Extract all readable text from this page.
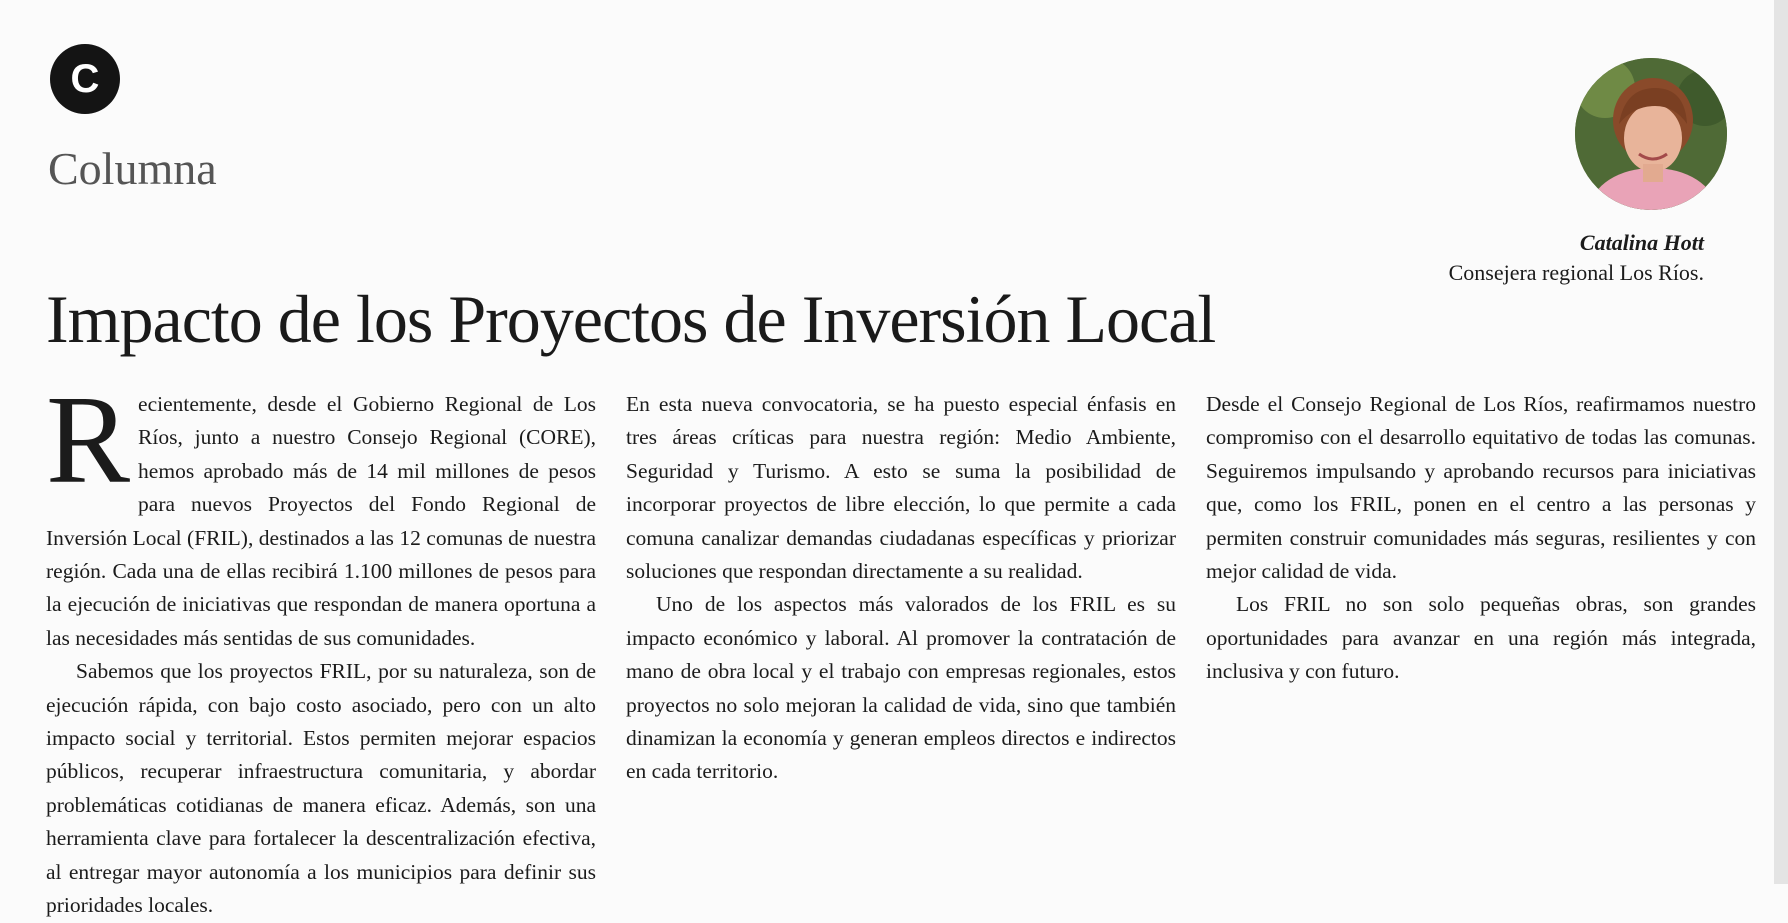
C
Columna
Catalina Hott
Consejera regional Los Ríos.
Impacto de los Proyectos de Inversión Local

Recientemente, desde el Gobierno Regional de Los Ríos, junto a nuestro Consejo Regional (CORE), hemos aprobado más de 14 mil millones de pesos para nuevos Proyectos del Fondo Regional de Inversión Local (FRIL), destinados a las 12 comunas de nuestra región. Cada una de ellas recibirá 1.100 millones de pesos para la ejecución de iniciativas que respondan de manera oportuna a las necesidades más sentidas de sus comunidades.

Sabemos que los proyectos FRIL, por su naturaleza, son de ejecución rápida, con bajo costo asociado, pero con un alto impacto social y territorial. Estos permiten mejorar espacios públicos, recuperar infraestructura comunitaria, y abordar problemáticas cotidianas de manera eficaz. Además, son una herramienta clave para fortalecer la descentralización efectiva, al entregar mayor autonomía a los municipios para definir sus prioridades locales.

En esta nueva convocatoria, se ha puesto especial énfasis en tres áreas críticas para nuestra región: Medio Ambiente, Seguridad y Turismo. A esto se suma la posibilidad de incorporar proyectos de libre elección, lo que permite a cada comuna canalizar demandas ciudadanas específicas y priorizar soluciones que respondan directamente a su realidad.

Uno de los aspectos más valorados de los FRIL es su impacto económico y laboral. Al promover la contratación de mano de obra local y el trabajo con empresas regionales, estos proyectos no solo mejoran la calidad de vida, sino que también dinamizan la economía y generan empleos directos e indirectos en cada territorio.

Desde el Consejo Regional de Los Ríos, reafirmamos nuestro compromiso con el desarrollo equitativo de todas las comunas. Seguiremos impulsando y aprobando recursos para iniciativas que, como los FRIL, ponen en el centro a las personas y permiten construir comunidades más seguras, resilientes y con mejor calidad de vida.

Los FRIL no son solo pequeñas obras, son grandes oportunidades para avanzar en una región más integrada, inclusiva y con futuro.
